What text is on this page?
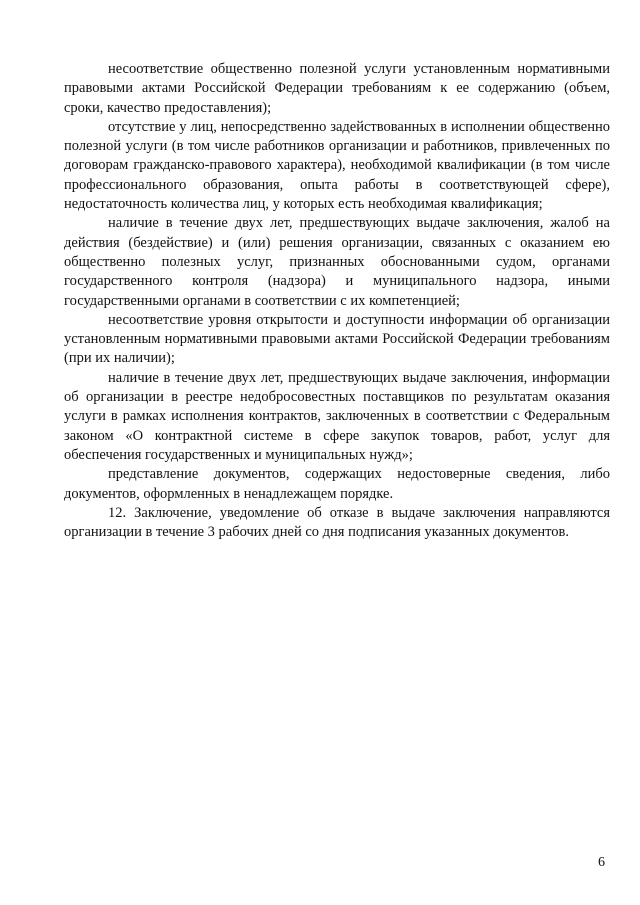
несоответствие общественно полезной услуги установленным нормативными правовыми актами Российской Федерации требованиям к ее содержанию (объем, сроки, качество предоставления);

отсутствие у лиц, непосредственно задействованных в исполнении общественно полезной услуги (в том числе работников организации и работников, привлеченных по договорам гражданско-правового характера), необходимой квалификации (в том числе профессионального образования, опыта работы в соответствующей сфере), недостаточность количества лиц, у которых есть необходимая квалификация;

наличие в течение двух лет, предшествующих выдаче заключения, жалоб на действия (бездействие) и (или) решения организации, связанных с оказанием ею общественно полезных услуг, признанных обоснованными судом, органами государственного контроля (надзора) и муниципального надзора, иными государственными органами в соответствии с их компетенцией;

несоответствие уровня открытости и доступности информации об организации установленным нормативными правовыми актами Российской Федерации требованиям (при их наличии);

наличие в течение двух лет, предшествующих выдаче заключения, информации об организации в реестре недобросовестных поставщиков по результатам оказания услуги в рамках исполнения контрактов, заключенных в соответствии с Федеральным законом «О контрактной системе в сфере закупок товаров, работ, услуг для обеспечения государственных и муниципальных нужд»;

представление документов, содержащих недостоверные сведения, либо документов, оформленных в ненадлежащем порядке.

12. Заключение, уведомление об отказе в выдаче заключения направляются организации в течение 3 рабочих дней со дня подписания указанных документов.

6
